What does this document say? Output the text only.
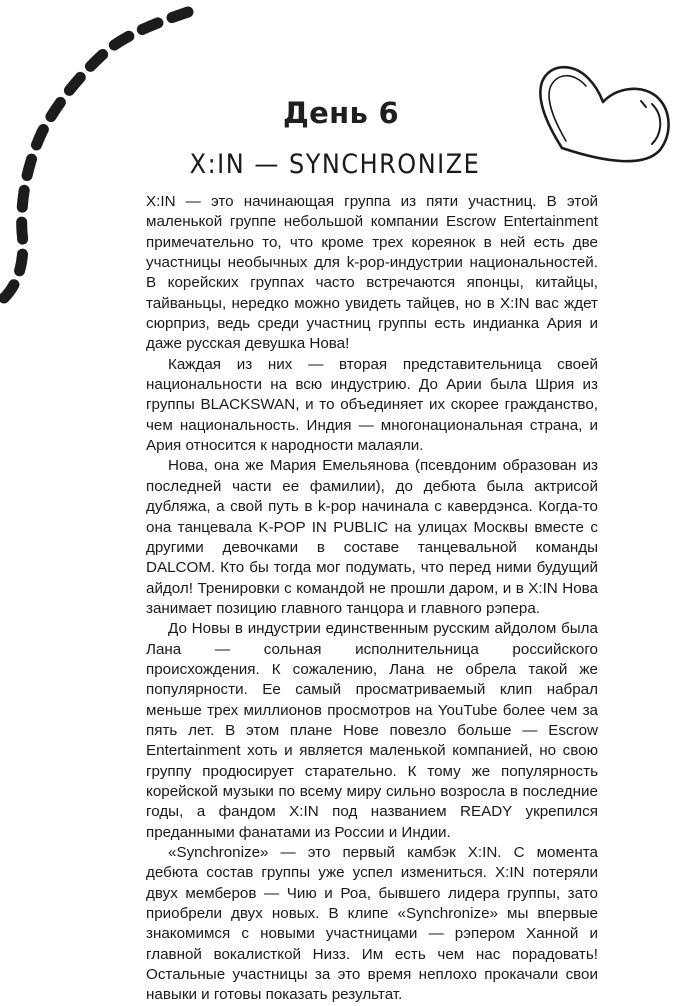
День 6
X:IN — SYNCHRONIZE

X:IN — это начинающая группа из пяти участниц. В этой маленькой группе небольшой компании Escrow Entertainment примечательно то, что кроме трех кореянок в ней есть две участницы необычных для k-pop-индустрии национальностей. В корейских группах часто встречаются японцы, китайцы, тайваньцы, нередко можно увидеть тайцев, но в X:IN вас ждет сюрприз, ведь среди участниц группы есть индианка Ария и даже русская девушка Нова!

Каждая из них — вторая представительница своей национальности на всю индустрию. До Арии была Шрия из группы BLACKSWAN, и то объединяет их скорее гражданство, чем национальность. Индия — многонациональная страна, и Ария относится к народности малаяли.

Нова, она же Мария Емельянова (псевдоним образован из последней части ее фамилии), до дебюта была актрисой дубляжа, а свой путь в k-pop начинала с кавердэнса. Когда-то она танцевала K-POP IN PUBLIC на улицах Москвы вместе с другими девочками в составе танцевальной команды DALCOM. Кто бы тогда мог подумать, что перед ними будущий айдол! Тренировки с командой не прошли даром, и в X:IN Нова занимает позицию главного танцора и главного рэпера.

До Новы в индустрии единственным русским айдолом была Лана — сольная исполнительница российского происхождения. К сожалению, Лана не обрела такой же популярности. Ее самый просматриваемый клип набрал меньше трех миллионов просмотров на YouTube более чем за пять лет. В этом плане Нове повезло больше — Escrow Entertainment хоть и является маленькой компанией, но свою группу продюсирует старательно. К тому же популярность корейской музыки по всему миру сильно возросла в последние годы, а фандом X:IN под названием READY укрепился преданными фанатами из России и Индии.

«Synchronize» — это первый камбэк X:IN. С момента дебюта состав группы уже успел измениться. X:IN потеряли двух мемберов — Чию и Роа, бывшего лидера группы, зато приобрели двух новых. В клипе «Synchronize» мы впервые знакомимся с новыми участницами — рэпером Ханной и главной вокалисткой Низз. Им есть чем нас порадовать! Остальные участницы за это время неплохо прокачали свои навыки и готовы показать результат.
